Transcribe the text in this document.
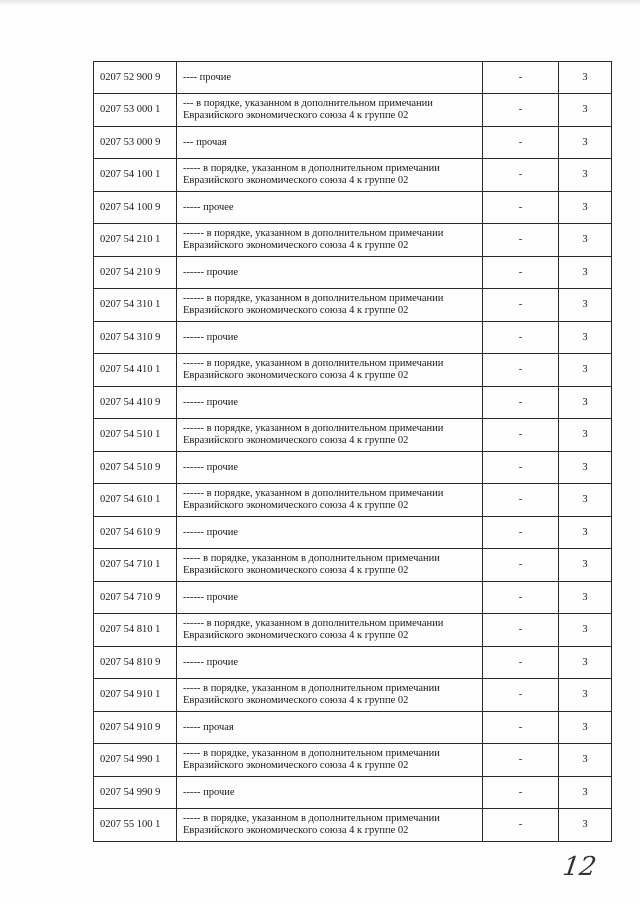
0207 52 900 9	---- прочие	-	3
0207 53 000 1	--- в порядке, указанном в дополнительном примечании Евразийского экономического союза 4 к группе 02	-	3
0207 53 000 9	--- прочая	-	3
0207 54 100 1	----- в порядке, указанном в дополнительном примечании Евразийского экономического союза 4 к группе 02	-	3
0207 54 100 9	----- прочее	-	3
0207 54 210 1	------ в порядке, указанном в дополнительном примечании Евразийского экономического союза 4 к группе 02	-	3
0207 54 210 9	------ прочие	-	3
0207 54 310 1	------ в порядке, указанном в дополнительном примечании Евразийского экономического союза 4 к группе 02	-	3
0207 54 310 9	------ прочие	-	3
0207 54 410 1	------ в порядке, указанном в дополнительном примечании Евразийского экономического союза 4 к группе 02	-	3
0207 54 410 9	------ прочие	-	3
0207 54 510 1	------ в порядке, указанном в дополнительном примечании Евразийского экономического союза 4 к группе 02	-	3
0207 54 510 9	------ прочие	-	3
0207 54 610 1	------ в порядке, указанном в дополнительном примечании Евразийского экономического союза 4 к группе 02	-	3
0207 54 610 9	------ прочие	-	3
0207 54 710 1	----- в порядке, указанном в дополнительном примечании Евразийского экономического союза 4 к группе 02	-	3
0207 54 710 9	------ прочие	-	3
0207 54 810 1	------ в порядке, указанном в дополнительном примечании Евразийского экономического союза 4 к группе 02	-	3
0207 54 810 9	------ прочие	-	3
0207 54 910 1	----- в порядке, указанном в дополнительном примечании Евразийского экономического союза 4 к группе 02	-	3
0207 54 910 9	----- прочая	-	3
0207 54 990 1	----- в порядке, указанном в дополнительном примечании Евразийского экономического союза 4 к группе 02	-	3
0207 54 990 9	----- прочие	-	3
0207 55 100 1	----- в порядке, указанном в дополнительном примечании Евразийского экономического союза 4 к группе 02	-	3
12
